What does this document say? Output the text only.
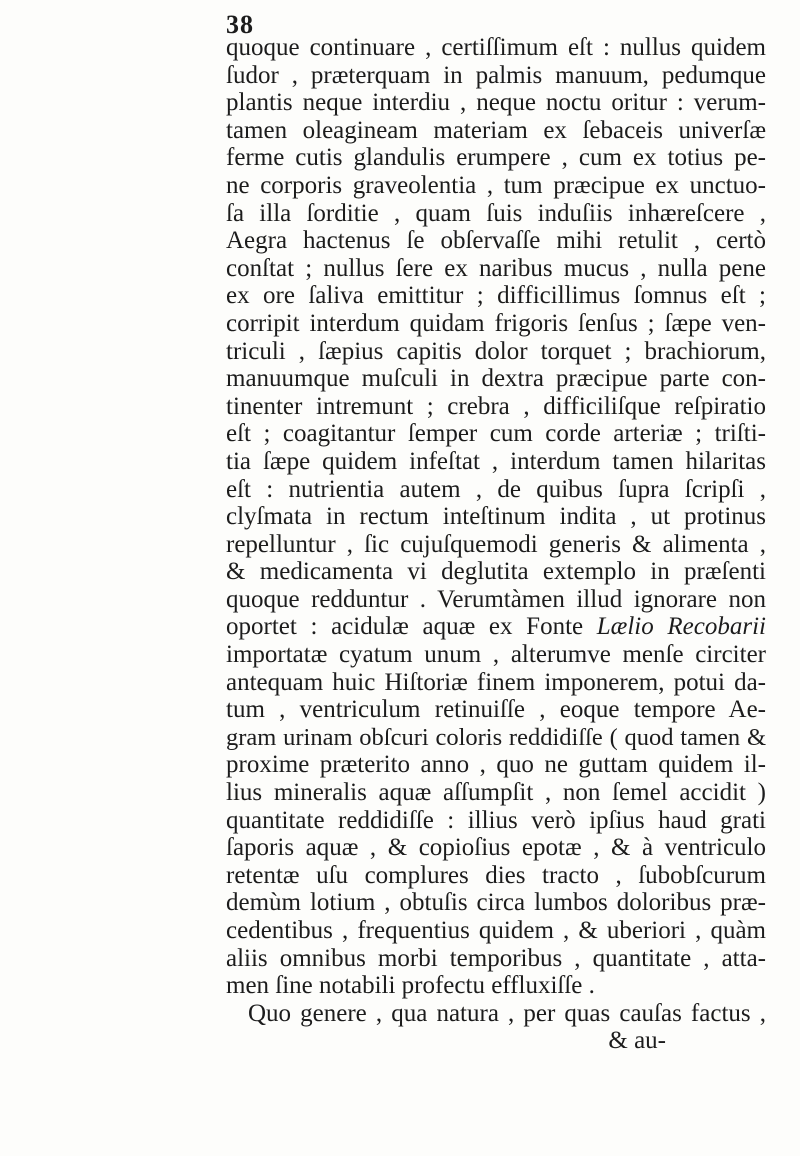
38
quoque continuare , certiſſimum eſt : nullus quidem
ſudor , præterquam in palmis manuum, pedumque
plantis neque interdiu , neque noctu oritur : verum-
tamen oleagineam materiam ex ſebaceis univerſæ
ferme cutis glandulis erumpere , cum ex totius pe-
ne corporis graveolentia , tum præcipue ex unctuo-
ſa illa ſorditie , quam ſuis induſiis inhæreſcere ,
Aegra hactenus ſe obſervaſſe mihi retulit , certò
conſtat ; nullus ſere ex naribus mucus , nulla pene
ex ore ſaliva emittitur ; difficillimus ſomnus eſt ;
corripit interdum quidam frigoris ſenſus ; ſæpe ven-
triculi , ſæpius capitis dolor torquet ; brachiorum,
manuumque muſculi in dextra præcipue parte con-
tinenter intremunt ; crebra , difficiliſque reſpiratio
eſt ; coagitantur ſemper cum corde arteriæ ; triſti-
tia ſæpe quidem infeſtat , interdum tamen hilaritas
eſt : nutrientia autem , de quibus ſupra ſcripſi ,
clyſmata in rectum inteſtinum indita , ut protinus
repelluntur , ſic cujuſquemodi generis & alimenta ,
& medicamenta vi deglutita extemplo in præſenti
quoque redduntur . Verumtàmen illud ignorare non
oportet : acidulæ aquæ ex Fonte Lælio Recobarii
importatæ cyatum unum , alterumve menſe circiter
antequam huic Hiſtoriæ finem imponerem, potui da-
tum , ventriculum retinuiſſe , eoque tempore Ae-
gram urinam obſcuri coloris reddidiſſe ( quod tamen &
proxime præterito anno , quo ne guttam quidem il-
lius mineralis aquæ aſſumpſit , non ſemel accidit )
quantitate reddidiſſe : illius verò ipſius haud grati
ſaporis aquæ , & copioſius epotæ , & à ventriculo
retentæ uſu complures dies tracto , ſubobſcurum
demùm lotium , obtuſis circa lumbos doloribus præ-
cedentibus , frequentius quidem , & uberiori , quàm
aliis omnibus morbi temporibus , quantitate , atta-
men ſine notabili profectu effluxiſſe .
Quo genere , qua natura , per quas cauſas factus ,
& au-
